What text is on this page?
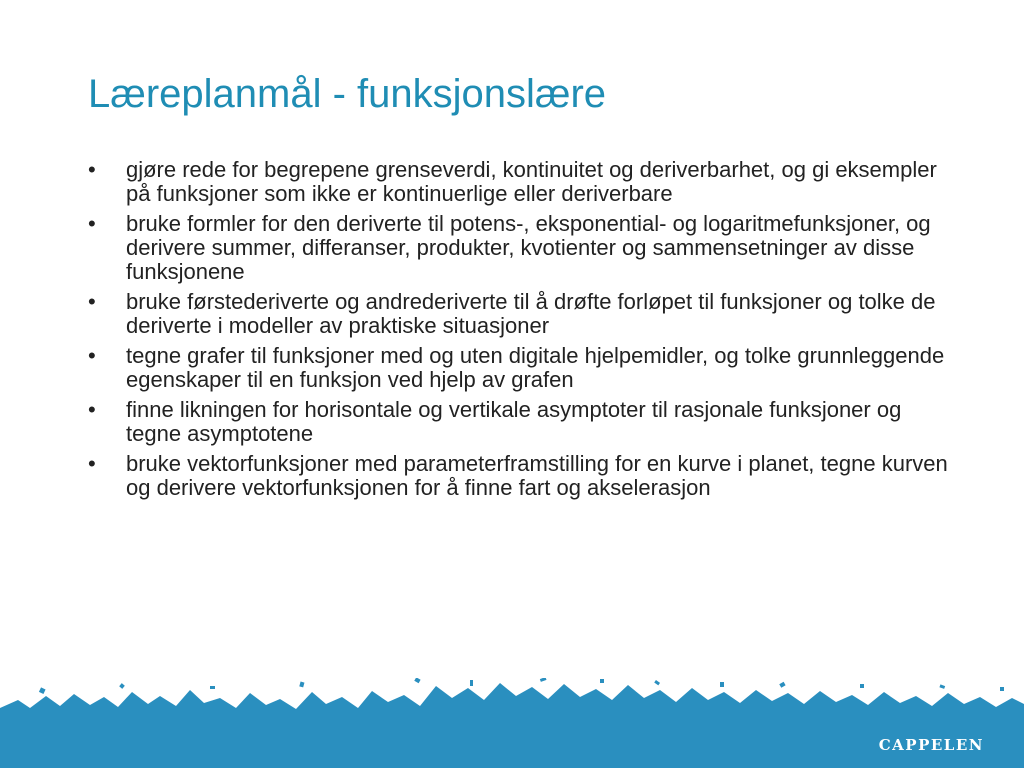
Læreplanmål - funksjonslære
• gjøre rede for begrepene grenseverdi, kontinuitet og deriverbarhet, og gi eksempler på funksjoner som ikke er kontinuerlige eller deriverbare
• bruke formler for den deriverte til potens-, eksponential- og logaritmefunksjoner, og derivere summer, differanser, produkter, kvotienter og sammensetninger av disse funksjonene
• bruke førstederiverte og andrederiverte til å drøfte forløpet til funksjoner og tolke de deriverte i modeller av praktiske situasjoner
• tegne grafer til funksjoner med og uten digitale hjelpemidler, og tolke grunnleggende egenskaper til en funksjon ved hjelp av grafen
• finne likningen for horisontale og vertikale asymptoter til rasjonale funksjoner og tegne asymptotene
• bruke vektorfunksjoner med parameterframstilling for en kurve i planet, tegne kurven og derivere vektorfunksjonen for å finne fart og akselerasjon
CAPPELEN
